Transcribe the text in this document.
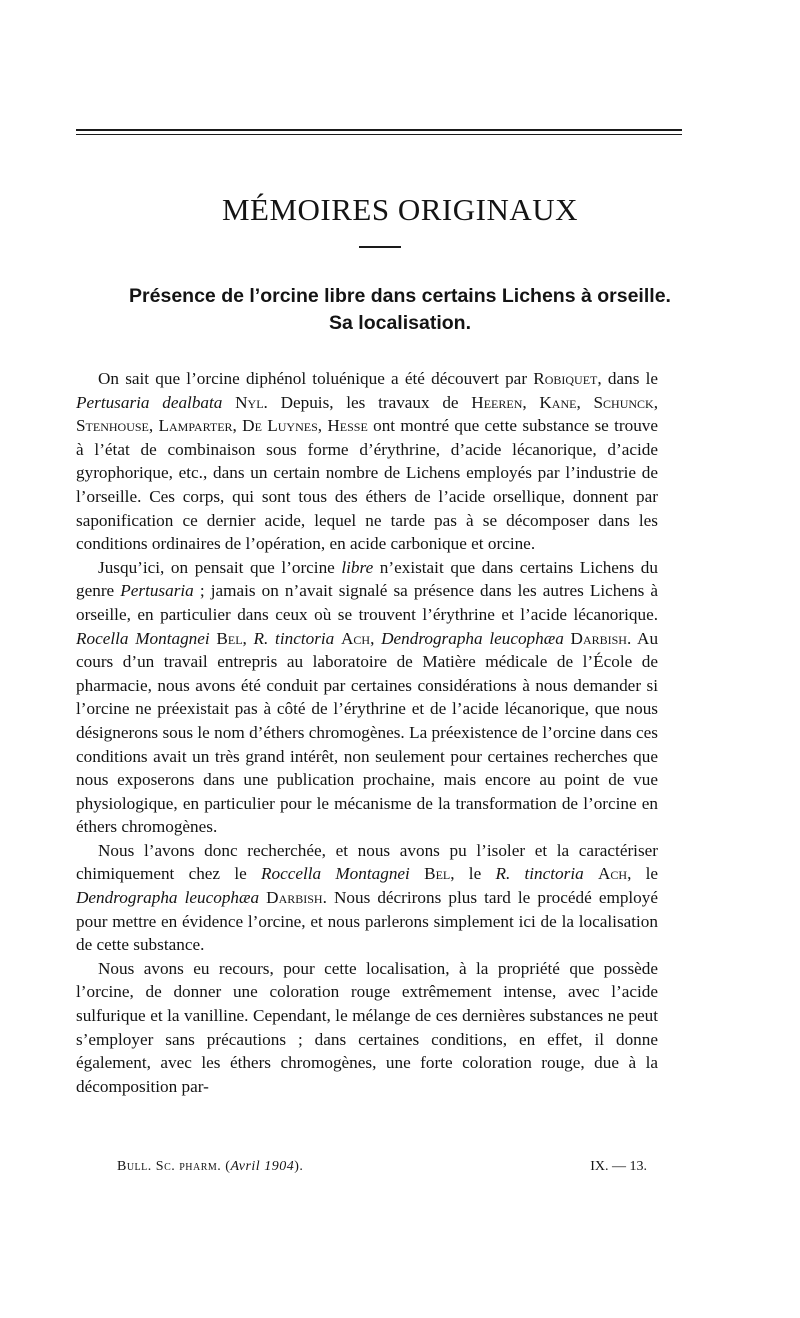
MÉMOIRES ORIGINAUX
Présence de l’orcine libre dans certains Lichens à orseille.
Sa localisation.

On sait que l’orcine diphénol toluénique a été découvert par Robiquet, dans le Pertusaria dealbata Nyl. Depuis, les travaux de Heeren, Kane, Schunck, Stenhouse, Lamparter, De Luynes, Hesse ont montré que cette substance se trouve à l’état de combinaison sous forme d’érythrine, d’acide lécanorique, d’acide gyrophorique, etc., dans un certain nombre de Lichens employés par l’industrie de l’orseille. Ces corps, qui sont tous des éthers de l’acide orsellique, donnent par saponification ce dernier acide, lequel ne tarde pas à se décomposer dans les conditions ordinaires de l’opération, en acide carbonique et orcine.

Jusqu’ici, on pensait que l’orcine libre n’existait que dans certains Lichens du genre Pertusaria ; jamais on n’avait signalé sa présence dans les autres Lichens à orseille, en particulier dans ceux où se trouvent l’érythrine et l’acide lécanorique. Rocella Montagnei Bel, R. tinctoria Ach, Dendrographa leucophæa Darbish. Au cours d’un travail entrepris au laboratoire de Matière médicale de l’École de pharmacie, nous avons été conduit par certaines considérations à nous demander si l’orcine ne préexistait pas à côté de l’érythrine et de l’acide lécanorique, que nous désignerons sous le nom d’éthers chromogènes. La préexistence de l’orcine dans ces conditions avait un très grand intérêt, non seulement pour certaines recherches que nous exposerons dans une publication prochaine, mais encore au point de vue physiologique, en particulier pour le mécanisme de la transformation de l’orcine en éthers chromogènes.

Nous l’avons donc recherchée, et nous avons pu l’isoler et la caractériser chimiquement chez le Roccella Montagnei Bel, le R. tinctoria Ach, le Dendrographa leucophæa Darbish. Nous décrirons plus tard le procédé employé pour mettre en évidence l’orcine, et nous parlerons simplement ici de la localisation de cette substance.

Nous avons eu recours, pour cette localisation, à la propriété que possède l’orcine, de donner une coloration rouge extrêmement intense, avec l’acide sulfurique et la vanilline. Cependant, le mélange de ces dernières substances ne peut s’employer sans précautions ; dans certaines conditions, en effet, il donne également, avec les éthers chromogènes, une forte coloration rouge, due à la décomposition par-

Bull. Sc. pharm. (Avril 1904).	IX. — 13.
